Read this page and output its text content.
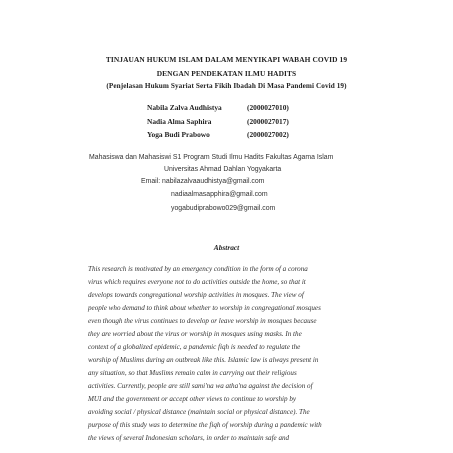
TINJAUAN HUKUM ISLAM DALAM MENYIKAPI WABAH COVID 19
DENGAN PENDEKATAN ILMU HADITS
(Penjelasan Hukum Syariat Serta Fikih Ibadah Di Masa Pandemi Covid 19)
Nabila Zalva Audhistya	(2000027010)
Nadia Alma Saphira	(2000027017)
Yoga Budi Prabowo	(2000027002)
Mahasiswa dan Mahasiswi S1 Program Studi Ilmu Hadits Fakultas Agama Islam
Universitas Ahmad Dahlan Yogyakarta
Email: nabilazalvaaudhistya@gmail.com
nadiaalmasapphira@gmail.com
yogabudiprabowo029@gmail.com
Abstract
This research is motivated by an emergency condition in the form of a corona
virus which requires everyone not to do activities outside the home, so that it
develops towards congregational worship activities in mosques. The view of
people who demand to think about whether to worship in congregational mosques
even though the virus continues to develop or leave worship in mosques because
they are worried about the virus or worship in mosques using masks. In the
context of a globalized epidemic, a pandemic fiqh is needed to regulate the
worship of Muslims during an outbreak like this. Islamic law is always present in
any situation, so that Muslims remain calm in carrying out their religious
activities. Currently, people are still sami'na wa atha'na against the decision of
MUI and the government or accept other views to continue to worship by
avoiding social / physical distance (maintain social or physical distance). The
purpose of this study was to determine the fiqh of worship during a pandemic with
the views of several Indonesian scholars, in order to maintain safe and
